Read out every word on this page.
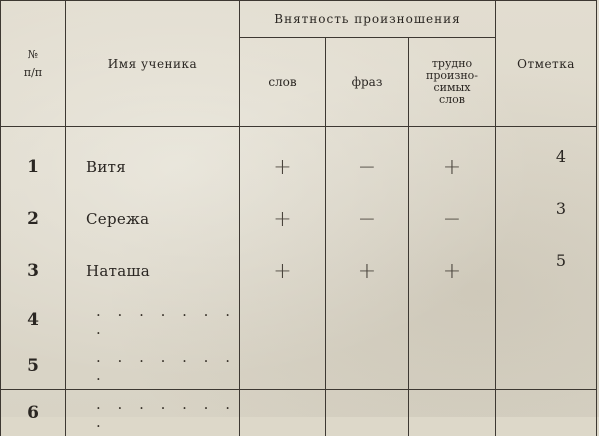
№
п/п	Имя ученика	Внятность произношения			Отметка
		слов	фраз	трудно
произно-
симых
слов	

1	Витя	+	−	+	4
2	Сережа	+	−	−	3
3	Наташа	+	+	+	5
4	. . . . . . . .				
5	. . . . . . . .				
6	. . . . . . . .				
